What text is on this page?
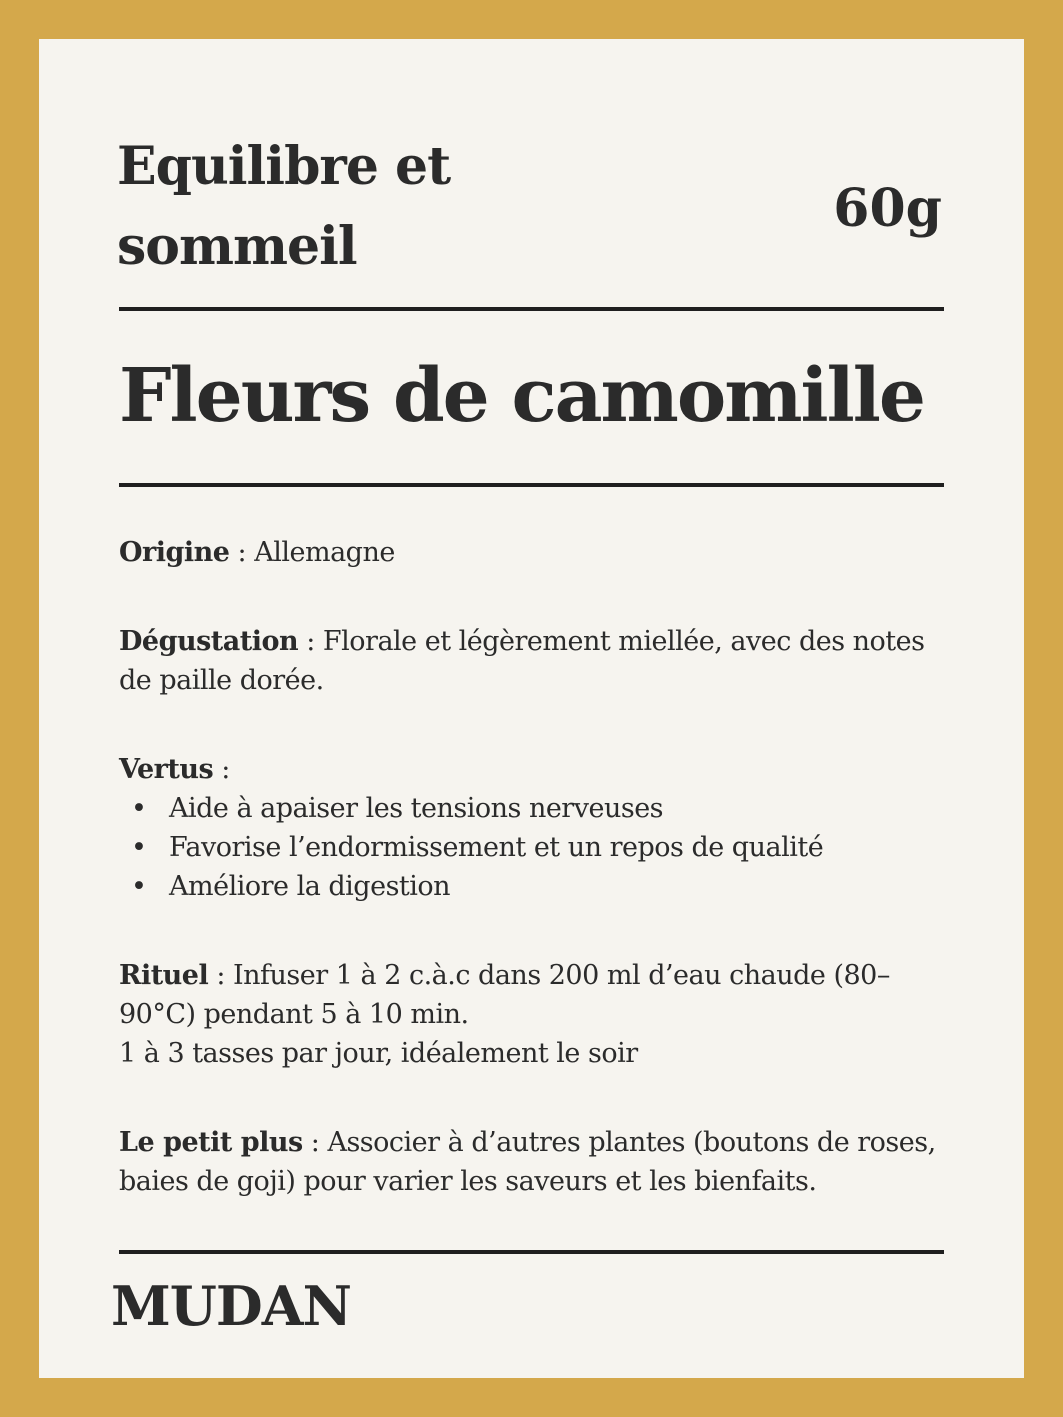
Equilibre et sommeil
60g
Fleurs de camomille

Origine : Allemagne

Dégustation : Florale et légèrement miellée, avec des notes de paille dorée.

Vertus :

• Aide à apaiser les tensions nerveuses
• Favorise l’endormissement et un repos de qualité
• Améliore la digestion

Rituel : Infuser 1 à 2 c.à.c dans 200 ml d’eau chaude (80–90°C) pendant 5 à 10 min.

1 à 3 tasses par jour, idéalement le soir

Le petit plus : Associer à d’autres plantes (boutons de roses, baies de goji) pour varier les saveurs et les bienfaits.

MUDAN
